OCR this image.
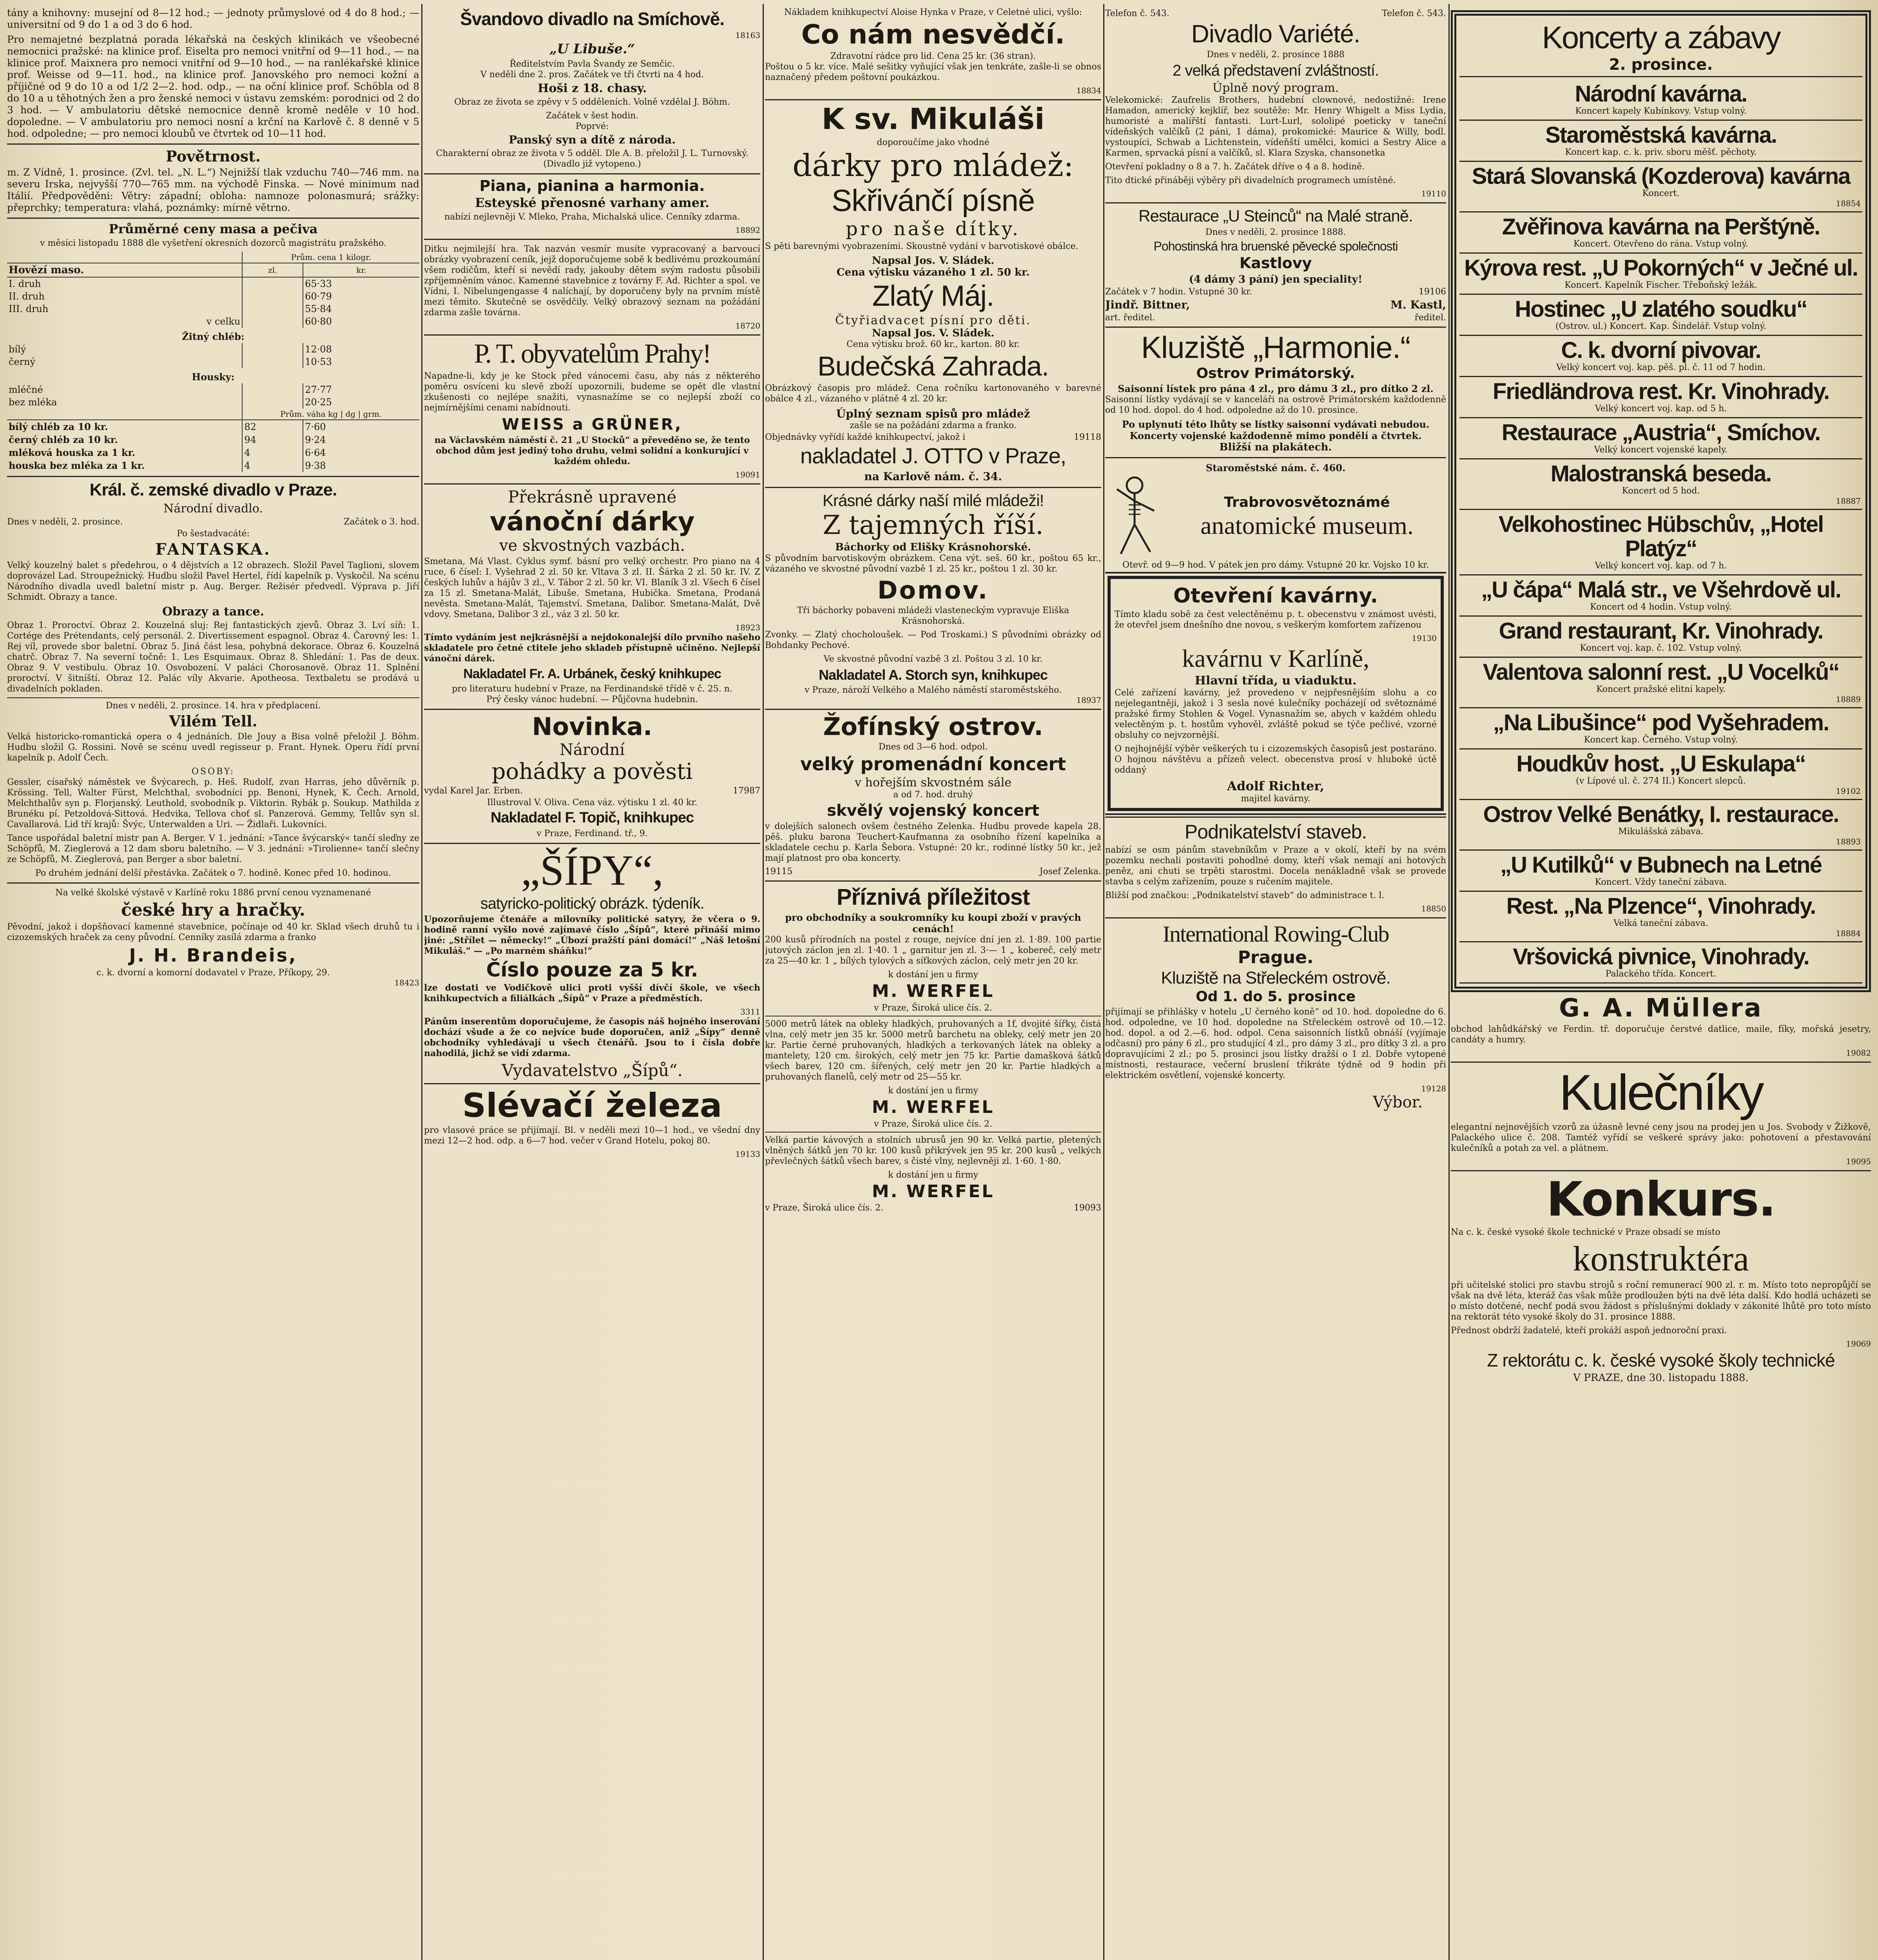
tány a knihovny: musejní od 8—12 hod.; — jednoty průmyslové od 4 do 8 hod.; — universitní od 9 do 1 a od 3 do 6 hod.

Pro nemajetné bezplatná porada lékařská na českých klinikách ve všeobecné nemocnici pražské: na klinice prof. Eiselta pro nemoci vnitřní od 9—11 hod., — na klinice prof. Maixnera pro nemoci vnitřní od 9—10 hod., — na ranlékařské klinice prof. Weisse od 9—11. hod., na klinice prof. Janovského pro nemoci kožní a příjičné od 9 do 10 a od 1/2 2—2. hod. odp., — na oční klinice prof. Schöbla od 8 do 10 a u těhotných žen a pro ženské nemoci v ústavu zemském: porodnici od 2 do 3 hod. — V ambulatoriu dětské nemocnice denně kromě neděle v 10 hod. dopoledne. — V ambulatoriu pro nemoci nosní a krční na Karlově č. 8 denně v 5 hod. odpoledne; — pro nemoci kloubů ve čtvrtek od 10—11 hod.

Povětrnost.

m. Z Vídně, 1. prosince. (Zvl. tel. „N. L.“) Nejnižší tlak vzduchu 740—746 mm. na severu Irska, nejvyšší 770—765 mm. na východě Finska. — Nové minimum nad Itálií. Předpověděni: Větry: západní; obloha: namnoze polonasmurá; srážky: přeprchky; temperatura: vlahá, poznámky: mírně větrno.

Průměrné ceny masa a pečiva

v měsíci listopadu 1888 dle vyšetření okresních dozorců magistrátu pražského.

	Prům. cena 1 kilogr.	
Hovězí maso.	zl.	kr.
I. druh		65·33
II. druh		60·79
III. druh		55·84
v celku		60·80
Žitný chléb:		
bílý		12·08
černý		10·53
Housky:		
mléčné		27·77
bez mléka		20·25
	Prům. váha kg | dg | grm.	
bílý chléb za 10 kr.	82	7·60
černý chléb za 10 kr.	94	9·24
mléková houska za 1 kr.	4	6·64
houska bez mléka za 1 kr.	4	9·38
Král. č. zemské divadlo v Praze.
Národní divadlo.
Dnes v neděli, 2. prosince.	Začátek o 3. hod.
Po šestadvacáté:
FANTASKA.

Velký kouzelný balet s předehrou, o 4 dějstvích a 12 obrazech. Složil Pavel Taglioni, slovem doprovázel Lad. Stroupežnický. Hudbu složil Pavel Hertel, řídí kapelník p. Vyskočil. Na scénu Národního divadla uvedl baletní mistr p. Aug. Berger. Režisér předvedl. Výprava p. Jiří Schmidt. Obrazy a tance.

Obrazy a tance.

Obraz 1. Proroctví. Obraz 2. Kouzelná sluj: Rej fantastických zjevů. Obraz 3. Lví síň: 1. Cortége des Prétendants, celý personál. 2. Divertissement espagnol. Obraz 4. Čarovný les: 1. Rej víl, provede sbor baletní. Obraz 5. Jiná část lesa, pohybná dekorace. Obraz 6. Kouzelná chatrč. Obraz 7. Na severní točně: 1. Les Esquimaux. Obraz 8. Shledání: 1. Pas de deux. Obraz 9. V vestibulu. Obraz 10. Osvobození. V paláci Chorosanově. Obraz 11. Splnění proroctví. V šitníští. Obraz 12. Palác víly Akvarie. Apotheosa. Textbaletu se prodává u divadelních pokladen.

Dnes v neděli, 2. prosince. 14. hra v předplacení.
Vilém Tell.

Velká historicko-romantická opera o 4 jednáních. Dle Jouy a Bisa volně přeložil J. Böhm. Hudbu složil G. Rossini. Nově se scénu uvedl regisseur p. Frant. Hynek. Operu řídí první kapelník p. Adolf Čech.

OSOBY:

Gessler, císařský náměstek ve Švýcarech, p. Heš. Rudolf, zvan Harras, jeho důvěrník p. Krössing. Tell, Walter Fürst, Melchthal, svobodníci pp. Benoni, Hynek, K. Čech. Arnold, Melchthalův syn p. Florjanský. Leuthold, svobodník p. Viktorin. Rybák p. Soukup. Mathilda z Brunéku pí. Petzoldová-Sittová. Hedvika, Tellova choť sl. Panzerová. Gemmy, Tellův syn sl. Cavallarová. Lid tří krajů: Švýc, Unterwalden a Uri. — Židlaři. Lukovníci.

Tance uspořádal baletní mistr pan A. Berger. V 1. jednání: »Tance švýcarský« tančí sleďny ze Schöpfů, M. Zieglerová a 12 dam sboru baletního. — V 3. jednání: »Tirolienne« tančí slečny ze Schöpfů, M. Zieglerová, pan Berger a sbor baletní.

Po druhém jednání delší přestávka. Začátek o 7. hodině. Konec před 10. hodinou.

Na velké školské výstavě v Karlíně roku 1886 první cenou vyznamenané

české hry a hračky.

Pěvodní, jakož i dopšňovací kamenné stavebnice, počínaje od 40 kr. Sklad všech druhů tu i cizozemských hraček za ceny původní. Cenníky zasílá zdarma a franko

J. H. Brandeis,
c. k. dvorní a komorní dodavatel v Praze, Příkopy, 29.
18423
Švandovo divadlo na Smíchově.
18163
„U Libuše.“
Ředitelstvím Pavla Švandy ze Semčic.
V neděli dne 2. pros. Začátek ve tři čtvrti na 4 hod.
Hoši z 18. chasy.

Obraz ze života se zpěvy v 5 odděleních. Volně vzdělal J. Böhm.

Začátek v šest hodin.
Poprvé:
Panský syn a dítě z národa.

Charakterní obraz ze života v 5 odděl. Dle A. B. přeložil J. L. Turnovský. (Divadlo již vytopeno.)

Piana, pianina a harmonia.
Esteyské přenosné varhany amer.

nabízí nejlevněji V. Mleko, Praha, Michalská ulice. Cenníky zdarma.

18892

Ditku nejmilejší hra. Tak nazván vesmír musíte vypracovaný a barvoucí obrázky vyobrazení ceník, jejž doporučujeme sobě k bedlivému prozkoumání všem rodičům, kteří si nevědí rady, jakouby dětem svým radostu působili zpříjemněním vánoc. Kamenné stavebnice z továrny F. Ad. Richter a spol. ve Vídni, I. Nibelungengasse 4 nalíchají, by doporučeny byly na prvním místě mezi těmito. Skutečně se osvědčily. Velký obrazový seznam na požádání zdarma zašle továrna.

18720
P. T. obyvatelům Prahy!

Napadne-li, kdy je ke Stock před vánocemi času, aby nás z některého poměru osvíceni ku slevě zboží upozornili, budeme se opět dle vlastní zkušenosti co nejlépe snažiti, vynasnažíme se co nejlepší zboží co nejmírnějšími cenami nabídnouti.

WEISS a GRÜNER,

na Václavském náměstí č. 21 „U Stocků“ a převeděno se, že tento obchod dům jest jediný toho druhu, velmi solidní a konkurující v každém ohledu.

19091
Překrásně upravené
vánoční dárky
ve skvostných vazbách.

Smetana, Má Vlast. Cyklus symf. básní pro velký orchestr. Pro piano na 4 ruce, 6 čísel: I. Vyšehrad 2 zl. 50 kr. Vltava 3 zl. II. Šárka 2 zl. 50 kr. IV. Z českých luhův a hájův 3 zl., V. Tábor 2 zl. 50 kr. VI. Blaník 3 zl. Všech 6 čísel za 15 zl. Smetana-Malát, Libuše. Smetana, Hubička. Smetana, Prodaná nevěsta. Smetana-Malát, Tajemství. Smetana, Dalibor. Smetana-Malát, Dvě vdovy. Smetana, Dalibor 3 zl., váz 3 zl. 50 kr.

18923

Tímto vydáním jest nejkrásnější a nejdokonalejší dílo prvního našeho skladatele pro četné ctitele jeho skladeb přístupně učiněno. Nejlepší vánoční dárek.

Nakladatel Fr. A. Urbánek, český knihkupec
pro literaturu hudební v Praze, na Ferdinandské třídě v č. 25. n.
Prý česky vánoc hudební. — Půjčovna hudebnin.
Novinka.
Národní
pohádky a pověsti
vydal Karel Jar. Erben.	17987
Illustroval V. Oliva. Cena váz. výtisku 1 zl. 40 kr.
Nakladatel F. Topič, knihkupec
v Praze, Ferdinand. tř., 9.
„ŠÍPY“,
satyricko-politický obrázk. týdeník.

Upozorňujeme čtenáře a milovníky politické satyry, že včera o 9. hodině ranní vyšlo nové zajímavé číslo „Šípů“, které přináší mimo jiné: „Střílet — německy!“ „Úbozí pražští páni domácí!“ „Náš letošní Mikuláš.“ — „Po marném sháňku!“

Číslo pouze za 5 kr.

lze dostati ve Vodičkově ulici proti vyšší dívčí škole, ve všech knihkupectvích a filiálkách „Šípů“ v Praze a předměstích.

3311

Pánům inserentům doporučujeme, že časopis náš hojného inserování dochází všude a že co nejvíce bude doporučen, aniž „Šípy“ denně obchodníky vyhledávají u všech čtenářů. Jsou to i čísla dobře nahodilá, jichž se vidí zdarma.

Vydavatelstvo „Šípů“.
Slévačí železa

pro vlasové práce se přijímají. Bl. v neděli mezi 10—1 hod., ve všední dny mezi 12—2 hod. odp. a 6—7 hod. večer v Grand Hotelu, pokoj 80.

19133

Nákladem knihkupectví Aloise Hynka v Praze, v Celetné ulici, vyšlo:

Co nám nesvědčí.
Zdravotní rádce pro lid. Cena 25 kr. (36 stran).

Poštou o 5 kr. více. Malé sešitky vyňující však jen tenkráte, zašle-li se obnos naznačený předem poštovní poukázkou.

18834
K sv. Mikuláši
doporoučíme jako vhodné
dárky pro mládež:
Skřivánčí písně
pro naše dítky.

S pěti barevnými vyobrazeními. Skoustně vydání v barvotiskové obálce.

Napsal Jos. V. Sládek.
Cena výtisku vázaného 1 zl. 50 kr.
Zlatý Máj.
Čtyřiadvacet písní pro děti.
Napsal Jos. V. Sládek.
Cena výtisku brož. 60 kr., karton. 80 kr.
Budečská Zahrada.

Obrázkový časopis pro mládež. Cena ročníku kartonovaného v barevné obálce 4 zl., vázaného v plátně 4 zl. 20 kr.

Úplný seznam spisů pro mládež
zašle se na požádání zdarma a franko.
Objednávky vyřídí každé knihkupectví, jakož i	19118
nakladatel J. OTTO v Praze,
na Karlově nám. č. 34.
Krásné dárky naší milé mládeži!
Z tajemných říší.
Báchorky od Elišky Krásnohorské.

S původním barvotiskovým obrázkem. Cena výt. seš. 60 kr., poštou 65 kr., vázaného ve skvostné původní vazbě 1 zl. 25 kr., poštou 1 zl. 30 kr.

Domov.

Tři báchorky pobaveni mládeži vlasteneckým vypravuje Eliška Krásnohorská.

Zvonky. — Zlatý chocholoušek. — Pod Troskami.) S původními obrázky od Bohdanky Pechové.

Ve skvostné původní vazbě 3 zl. Poštou 3 zl. 10 kr.

Nakladatel A. Storch syn, knihkupec
v Praze, nároží Velkého a Malého náměstí staroměstského.
18937
Žofínský ostrov.
Dnes od 3—6 hod. odpol.
velký promenádní koncert
v hořejším skvostném sále
a od 7. hod. druhý
skvělý vojenský koncert

v dolejších salonech ovšem čestného Zelenka. Hudbu provede kapela 28. pěš. pluku barona Teuchert-Kaufmanna za osobního řízení kapelníka a skladatele cechu p. Karla Šebora. Vstupné: 20 kr., rodinné lístky 50 kr., jež mají platnost pro oba koncerty.

19115	Josef Zelenka.
Příznivá příležitost
pro obchodníky a soukromníky ku koupi zboží v pravých cenách!

200 kusů přírodních na postel z rouge, nejvíce dní jen zl. 1·89. 100 partie jutových záclon jen zl. 1·40. 1 „ garnitur jen zl. 3·— 1 „ kobereč, celý metr za 25—40 kr. 1 „ bílých tylových a síťkových záclon, celý metr jen 20 kr.

k dostání jen u firmy
M. WERFEL
v Praze, Široká ulice čís. 2.

5000 metrů látek na obleky hladkých, pruhovaných a 1f, dvojité šířky, čistá vlna, celý metr jen 35 kr. 5000 metrů barchetu na obleky, celý metr jen 20 kr. Partie černé pruhovaných, hladkých a terkovaných látek na obleky a mantelety, 120 cm. širokých, celý metr jen 75 kr. Partie damašková šátků všech barev, 120 cm. šířených, celý metr jen 20 kr. Partie hladkých a pruhovaných flanelů, celý metr od 25—55 kr.

k dostání jen u firmy
M. WERFEL
v Praze, Široká ulice čís. 2.

Velká partie kávových a stolních ubrusů jen 90 kr. Velká partie, pletených vlněných šátků jen 70 kr. 100 kusů přikrývek jen 95 kr. 200 kusů „ velkých převlečných šátků všech barev, s čisté vlny, nejlevněji zl. 1·60. 1·80.

k dostání jen u firmy
M. WERFEL
v Praze, Široká ulice čís. 2.	19093
Telefon č. 543.	Telefon č. 543.
Divadlo Variété.
Dnes v neděli, 2. prosince 1888
2 velká představení zvláštností.
Úplně nový program.

Velekomické: Zaufrelis Brothers, hudební clownové, nedostižné: Irene Hamadon, americký kejklíř, bez soutěže: Mr. Henry Whigelt a Miss Lydia, humoristé a malířští fantasti. Lurt-Lurl, sololipé poeticky v taneční vídeňských valčíků (2 páni, 1 dáma), prokomické: Maurice & Willy, bodl. vystoupíci, Schwab a Lichtenstein, vídeňští umělci, komici a Sestry Alice a Karmen, sprvacká písní a valčíků, sl. Klara Szyska, chansonetka

Otevření pokladny o 8 a 7. h. Začátek dříve o 4 a 8. hodině.

Tito dtické přináběji výběry při divadelních programech umístěné.

19110
Restaurace „U Steinců“ na Malé straně.
Dnes v neděli, 2. prosince 1888.
Pohostinská hra bruenské pěvecké společnosti
Kastlovy
(4 dámy 3 pání) jen speciality!
Začátek v 7 hodin. Vstupné 30 kr.	19106
Jindř. Bittner,	M. Kastl,
art. ředitel.	ředitel.
Kluziště „Harmonie.“
Ostrov Primátorský.
Saisonní lístek pro pána 4 zl., pro dámu 3 zl., pro dítko 2 zl.

Saisonní lístky vydávají se v kanceláři na ostrově Primátorském každodenně od 10 hod. dopol. do 4 hod. odpoledne až do 10. prosince.

Po uplynutí této lhůty se lístky saisonní vydávati nebudou.
Koncerty vojenské každodenně mimo pondělí a čtvrtek.
Bližší na plakátech.
Staroměstské nám. č. 460.
Trabrovosvětoznámé
anatomické museum.
Otevř. od 9—9 hod. V pátek jen pro dámy. Vstupné 20 kr. Vojsko 10 kr.
Otevření kavárny.

Tímto kladu sobě za čest velectěnému p. t. obecenstvu v známost uvésti, že otevřel jsem dnešního dne novou, s veškerým komfortem zařízenou

19130
kavárnu v Karlíně,
Hlavní třída, u viaduktu.

Celé zařízení kavárny, jež provedeno v nejpřesnějším slohu a co nejelegantněji, jakož i 3 sesla nové kulečníky pocházejí od světoznámé pražské firmy Stohlen & Vogel. Vynasnažím se, abych v každém ohledu velectěným p. t. hostům vyhověl, zvláště pokud se týče pečlivé, vzorné obsluhy co nejvzornější.

O nejhojnější výběr veškerých tu i cizozemských časopisů jest postaráno. O hojnou návštěvu a přízeň velect. obecenstva prosí v hluboké úctě oddaný

Adolf Richter,
majitel kavárny.
Podnikatelství staveb.

nabízí se osm pánům stavebníkům v Praze a v okolí, kteří by na svém pozemku nechali postaviti pohodlné domy, kteří však nemají ani hotových peněz, ani chuti se trpěti starostmi. Docela nenákladně však se provede stavba s celým zařízením, pouze s ručením majitele.

Bližší pod značkou: „Podnikatelství staveb“ do administrace t. l.

18850
International Rowing-Club
Prague.
Kluziště na Střeleckém ostrově.
Od 1. do 5. prosince

přijímají se přihlášky v hotelu „U černého koně“ od 10. hod. dopoledne do 6. hod. odpoledne, ve 10 hod. dopoledne na Střeleckém ostrově od 10.—12. hod. dopol. a od 2.—6. hod. odpol. Cena saisonních lístků obnáší (vyjímaje odčasní) pro pány 6 zl., pro studující 4 zl., pro dámy 3 zl., pro dítky 3 zl. a pro dopravujícími 2 zl.; po 5. prosinci jsou lístky dražší o 1 zl. Dobře vytopené místnosti, restaurace, večerní bruslení třikráte týdně od 9 hodin při elektrickém osvětlení, vojenské koncerty.

19128
Výbor.
Koncerty a zábavy
2. prosince.
Národní kavárna.
Koncert kapely Kubínkovy. Vstup volný.
Staroměstská kavárna.
Koncert kap. c. k. priv. sboru měšť. pěchoty.
Stará Slovanská (Kozderova) kavárna
Koncert.
18854
Zvěřinova kavárna na Perštýně.
Koncert. Otevřeno do rána. Vstup volný.
Kýrova rest. „U Pokorných“ v Ječné ul.
Koncert. Kapelník Fischer. Třeboňský ležák.
Hostinec „U zlatého soudku“
(Ostrov. ul.) Koncert. Kap. Šindelář. Vstup volný.
C. k. dvorní pivovar.
Velký koncert voj. kap. pěš. pl. č. 11 od 7 hodin.
Friedländrova rest. Kr. Vinohrady.
Velký koncert voj. kap. od 5 h.
Restaurace „Austria“, Smíchov.
Velký koncert vojenské kapely.
Malostranská beseda.
Koncert od 5 hod.
18887
Velkohostinec Hübschův, „Hotel Platýz“
Velký koncert voj. kap. od 7 h.
„U čápa“ Malá str., ve Všehrdově ul.
Koncert od 4 hodin. Vstup volný.
Grand restaurant, Kr. Vinohrady.
Koncert voj. kap. č. 102. Vstup volný.
Valentova salonní rest. „U Vocelků“
Koncert pražské elitní kapely.
18889
„Na Libušince“ pod Vyšehradem.
Koncert kap. Černého. Vstup volný.
Houdkův host. „U Eskulapa“
(v Lípové ul. č. 274 II.) Koncert slepců.
19102
Ostrov Velké Benátky, I. restaurace.
Mikulášská zábava.
18893
„U Kutilků“ v Bubnech na Letné
Koncert. Vždy taneční zábava.
Rest. „Na Plzence“, Vinohrady.
Velká taneční zábava.
18884
Vršovická pivnice, Vinohrady.
Palackého třída. Koncert.
G. A. Müllera

obchod lahůdkářský ve Ferdin. tř. doporučuje čerstvé datlice, maile, fíky, mořská jesetry, candáty a humry.

19082
Kulečníky

elegantní nejnovějších vzorů za úžasně levné ceny jsou na prodej jen u Jos. Svobody v Žižkově, Palackého ulice č. 208. Tamtéž vyřídí se veškeré správy jako: pohotovení a přestavování kulečníků a potah za vel. a plátnem.

19095
Konkurs.

Na c. k. české vysoké škole technické v Praze obsadí se místo

konstruktéra

při učitelské stolici pro stavbu strojů s roční remunerací 900 zl. r. m. Místo toto nepropůjčí se však na dvě léta, kteráž čas však může prodloužen býti na dvě léta další. Kdo hodlá ucházeti se o místo dotčené, nechť podá svou žádost s příslušnými doklady v zákonité lhůtě pro toto místo na rektorát této vysoké školy do 31. prosince 1888.

Přednost obdrží žadatelé, kteří prokáží aspoň jednoroční praxi.

19069
Z rektorátu c. k. české vysoké školy technické
V PRAZE, dne 30. listopadu 1888.
